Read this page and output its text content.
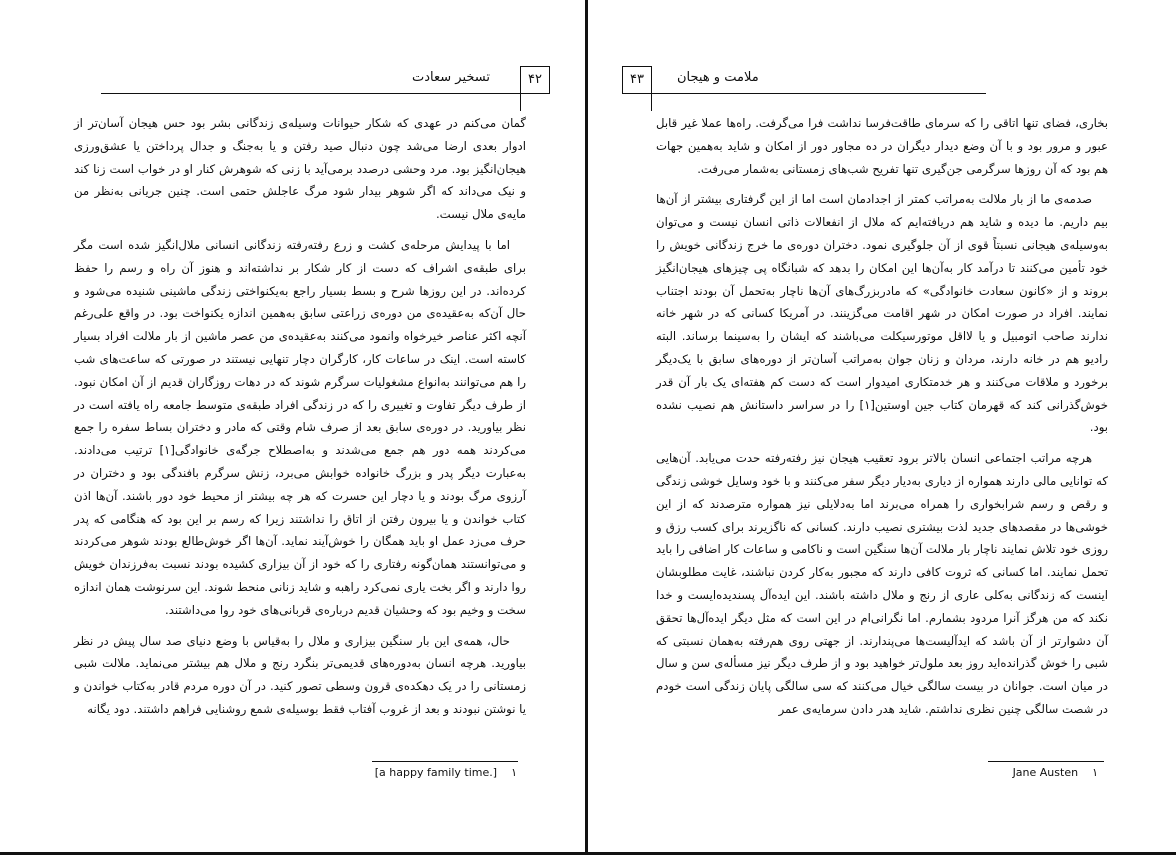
تسخیر سعادت	۴۲

گمان می‌کنم در عهدی که شکار حیوانات وسیله‌ی زندگانی بشر بود حس هیجان آسان‌تر از ادوار بعدی ارضا می‌شد چون دنبال صید رفتن و یا به‌جنگ و جدال پرداختن یا عشق‌ورزی هیجان‌انگیز بود. مرد وحشی درصدد برمی‌آید با زنی که شوهرش کنار او در خواب است زنا کند و نیک می‌داند که اگر شوهر بیدار شود مرگ عاجلش حتمی است. چنین جریانی به‌نظر من مایه‌ی ملال نیست.

اما با پیدایش مرحله‌ی کشت و زرع رفته‌رفته زندگانی انسانی ملال‌انگیز شده است مگر برای طبقه‌ی اشراف که دست از کار شکار بر نداشته‌اند و هنوز آن راه و رسم را حفظ کرده‌اند. در این روزها شرح و بسط بسیار راجع به‌یکنواختی زندگی ماشینی شنیده می‌شود و حال آن‌که به‌عقیده‌ی من دوره‌ی زراعتی سابق به‌همین اندازه یکنواخت بود. در واقع علی‌رغم آنچه اکثر عناصر خیرخواه وانمود می‌کنند به‌عقیده‌ی من عصر ماشین از بار ملالت افراد بسیار کاسته است. اینک در ساعات کار، کارگران دچار تنهایی نیستند در صورتی که ساعت‌های شب را هم می‌توانند به‌انواع مشغولیات سرگرم شوند که در دهات روزگاران قدیم از آن امکان نبود. از طرف دیگر تفاوت و تغییری را که در زندگی افراد طبقه‌ی متوسط جامعه راه یافته است در نظر بیاورید. در دوره‌ی سابق بعد از صرف شام وقتی که مادر و دختران بساط سفره را جمع می‌کردند همه دور هم جمع می‌شدند و به‌اصطلاح جرگه‌ی خانوادگی[۱] ترتیب می‌دادند. به‌عبارت دیگر پدر و بزرگ خانواده خوابش می‌برد، زنش سرگرم بافندگی بود و دختران در آرزوی مرگ بودند و یا دچار این حسرت که هر چه بیشتر از محیط خود دور باشند. آن‌ها اذن کتاب خواندن و یا بیرون رفتن از اتاق را نداشتند زیرا که رسم بر این بود که هنگامی که پدر حرف می‌زد عمل او باید همگان را خوش‌آیند نماید. آن‌ها اگر خوش‌طالع بودند شوهر می‌کردند و می‌توانستند همان‌گونه رفتاری را که خود از آن بیزاری کشیده بودند نسبت به‌فرزندان خویش روا دارند و اگر بخت یاری نمی‌کرد راهبه و شاید زنانی منحط شوند. این سرنوشت همان اندازه سخت و وخیم بود که وحشیان قدیم درباره‌ی قربانی‌های خود روا می‌داشتند.

حال، همه‌ی این بار سنگین بیزاری و ملال را به‌قیاس با وضع دنیای صد سال پیش در نظر بیاورید. هرچه انسان به‌دوره‌های قدیمی‌تر بنگرد رنج و ملال هم بیشتر می‌نماید. ملالت شبی زمستانی را در یک دهکده‌ی قرون وسطی تصور کنید. در آن دوره مردم قادر به‌کتاب خواندن و یا نوشتن نبودند و بعد از غروب آفتاب فقط بوسیله‌ی شمع روشنایی فراهم داشتند. دود یگانه

۱    [a happy family time.]
ملامت و هیجان
۴۳

بخاری، فضای تنها اتاقی را که سرمای طاقت‌فرسا نداشت فرا می‌گرفت. راه‌ها عملا غیر قابل عبور و مرور بود و با آن وضع دیدار دیگران در ده مجاور دور از امکان و شاید به‌همین جهات هم بود که آن روزها سرگرمی جن‌گیری تنها تفریح شب‌های زمستانی به‌شمار می‌رفت.

صدمه‌ی ما از بار ملالت به‌مراتب کمتر از اجدادمان است اما از این گرفتاری بیشتر از آن‌ها بیم داریم. ما دیده و شاید هم دریافته‌ایم که ملال از انفعالات ذاتی انسان نیست و می‌توان به‌وسیله‌ی هیجانی نسبتاً قوی از آن جلوگیری نمود. دختران دوره‌ی ما خرج زندگانی خویش را خود تأمین می‌کنند تا درآمد کار به‌آن‌ها این امکان را بدهد که شبانگاه پی چیزهای هیجان‌انگیز بروند و از «کانون سعادت خانوادگی» که مادربزرگ‌های آن‌ها ناچار به‌تحمل آن بودند اجتناب نمایند. افراد در صورت امکان در شهر اقامت می‌گزینند. در آمریکا کسانی که در شهر خانه ندارند صاحب اتومبیل و یا لااقل موتورسیکلت می‌باشند که ایشان را به‌سینما برساند. البته رادیو هم در خانه دارند، مردان و زنان جوان به‌مراتب آسان‌تر از دوره‌های سابق با یک‌دیگر برخورد و ملاقات می‌کنند و هر خدمتکاری امیدوار است که دست کم هفته‌ای یک بار آن قدر خوش‌گذرانی کند که قهرمان کتاب جین اوستین[۱] را در سراسر داستانش هم نصیب نشده بود.

هرچه مراتب اجتماعی انسان بالاتر برود تعقیب هیجان نیز رفته‌رفته حدت می‌یابد. آن‌هایی که توانایی مالی دارند همواره از دیاری به‌دیار دیگر سفر می‌کنند و با خود وسایل خوشی زندگی و رقص و رسم شرابخواری را همراه می‌برند اما به‌دلایلی نیز همواره مترصدند که از این خوشی‌ها در مقصدهای جدید لذت بیشتری نصیب دارند. کسانی که ناگزیرند برای کسب رزق و روزی خود تلاش نمایند ناچار بار ملالت آن‌ها سنگین است و ناکامی و ساعات کار اضافی را باید تحمل نمایند. اما کسانی که ثروت کافی دارند که مجبور به‌کار کردن نباشند، غایت مطلوبشان اینست که زندگانی به‌کلی عاری از رنج و ملال داشته باشند. این ایده‌آل پسندیده‌ایست و خدا نکند که من هرگز آنرا مردود بشمارم. اما نگرانی‌ام در این است که مثل دیگر ایده‌آل‌ها تحقق آن دشوارتر از آن باشد که ایدآلیست‌ها می‌پندارند. از جهتی روی هم‌رفته به‌همان نسبتی که شبی را خوش گذرانده‌اید روز بعد ملول‌تر خواهید بود و از طرف دیگر نیز مسأله‌ی سن و سال در میان است. جوانان در بیست سالگی خیال می‌کنند که سی سالگی پایان زندگی است خودم در شصت سالگی چنین نظری نداشتم. شاید هدر دادن سرمایه‌ی عمر

۱    Jane Austen
